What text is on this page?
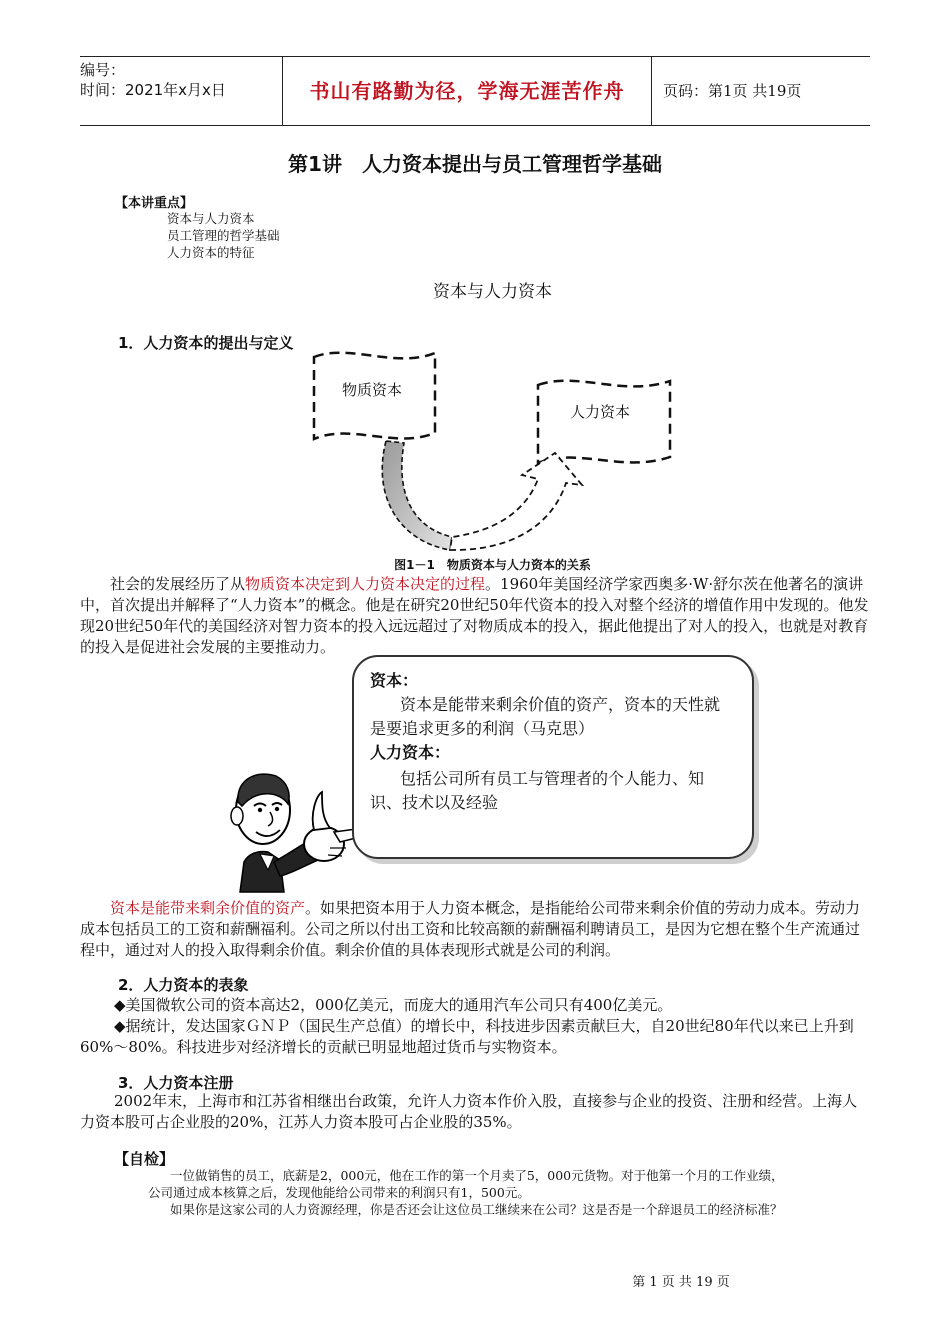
编号：
时间：2021年x月x日	书山有路勤为径，学海无涯苦作舟	页码：第1页 共19页
第1讲　人力资本提出与员工管理哲学基础
【本讲重点】
资本与人力资本
员工管理的哲学基础
人力资本的特征
资本与人力资本
1．人力资本的提出与定义
物质资本
人力资本
图1－1　物质资本与人力资本的关系
社会的发展经历了从物质资本决定到人力资本决定的过程。1960年美国经济学家西奥多·W·舒尔茨在他著名的演讲中，首次提出并解释了“人力资本”的概念。他是在研究20世纪50年代资本的投入对整个经济的增值作用中发现的。他发现20世纪50年代的美国经济对智力资本的投入远远超过了对物质成本的投入，据此他提出了对人的投入，也就是对教育的投入是促进社会发展的主要推动力。
资本：
资本是能带来剩余价值的资产，资本的天性就是要追求更多的利润（马克思）
人力资本：
包括公司所有员工与管理者的个人能力、知识、技术以及经验
资本是能带来剩余价值的资产。如果把资本用于人力资本概念，是指能给公司带来剩余价值的劳动力成本。劳动力成本包括员工的工资和薪酬福利。公司之所以付出工资和比较高额的薪酬福利聘请员工，是因为它想在整个生产流通过程中，通过对人的投入取得剩余价值。剩余价值的具体表现形式就是公司的利润。
2．人力资本的表象

◆美国微软公司的资本高达2，000亿美元，而庞大的通用汽车公司只有400亿美元。

◆据统计，发达国家ＧＮＰ（国民生产总值）的增长中，科技进步因素贡献巨大，自20世纪80年代以来已上升到60%～80%。科技进步对经济增长的贡献已明显地超过货币与实物资本。

3．人力资本注册
2002年末，上海市和江苏省相继出台政策，允许人力资本作价入股，直接参与企业的投资、注册和经营。上海人力资本股可占企业股的20%，江苏人力资本股可占企业股的35%。
【自检】
一位做销售的员工，底薪是2，000元，他在工作的第一个月卖了5，000元货物。对于他第一个月的工作业绩，
公司通过成本核算之后，发现他能给公司带来的利润只有1，500元。
如果你是这家公司的人力资源经理，你是否还会让这位员工继续来在公司？这是否是一个辞退员工的经济标准？
第 1 页 共 19 页
